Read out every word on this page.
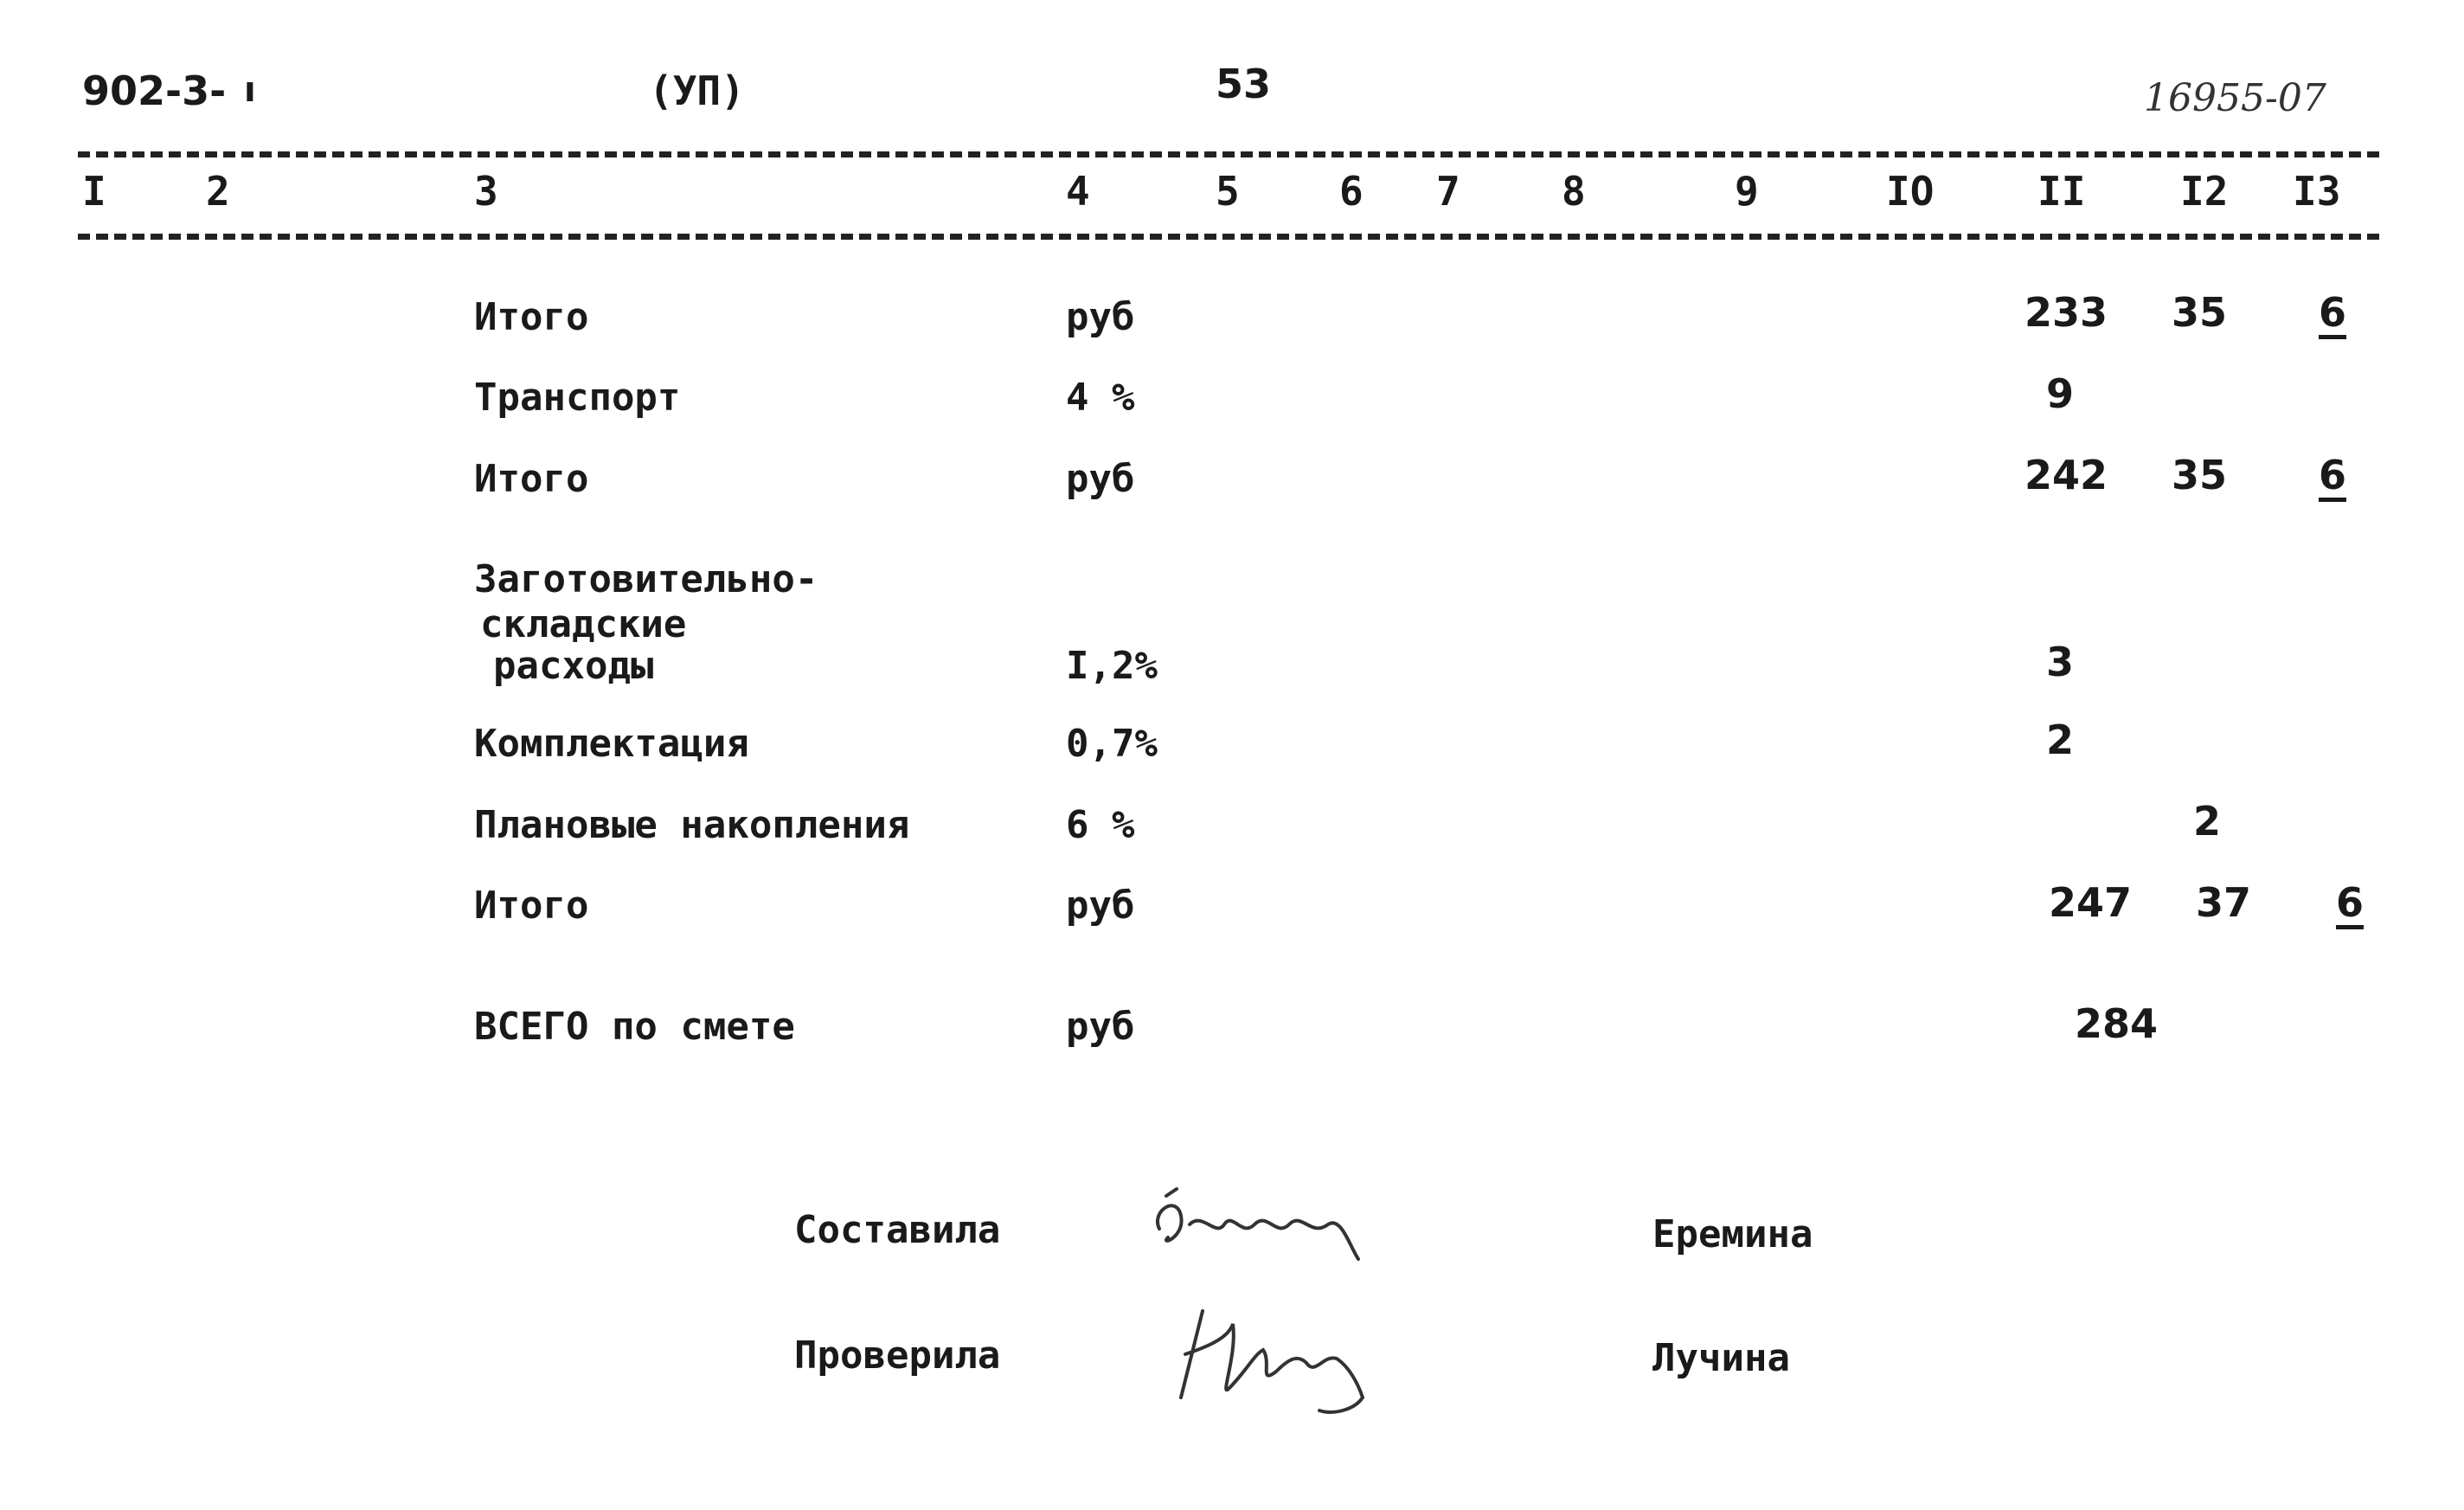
902-3- ı	(УП)	53	16955-07
I	2	3	4	5	6 7	8	9	IO	II I2 I3
Итого	руб	233 35 6
Транспорт	4 %	9
Итого	руб	242 35 6
Заготовительно-
складские
расходы	I,2%	3
Комплектация	0,7%	2
Плановые накопления	6 %	2
Итого	руб	247 37 6
ВСЕГО по смете	руб	284
Составила	Еремина
Проверила	Лучина
